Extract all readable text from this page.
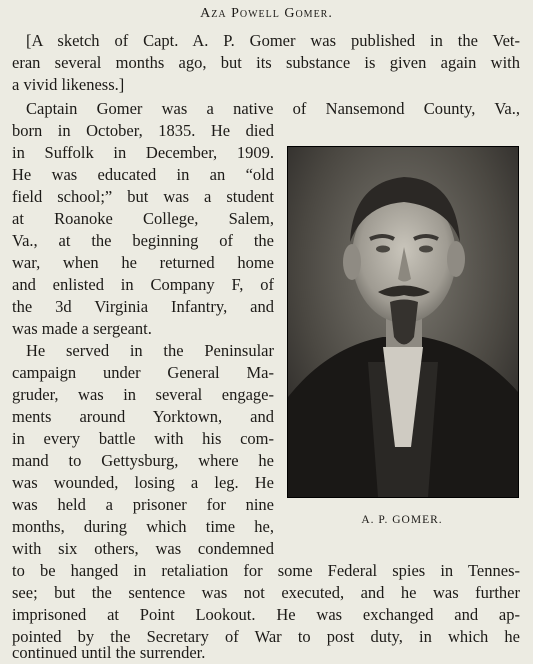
Aza Powell Gomer.
[A sketch of Capt. A. P. Gomer was published in the Vet-
eran several months ago, but its substance is given again with
a vivid likeness.]
Captain Gomer was a native of Nansemond County, Va.,
born in October, 1835. He died
in Suffolk in December, 1909.
He was educated in an “old
field school;” but was a student
at Roanoke College, Salem,
Va., at the beginning of the
war, when he returned home
and enlisted in Company F, of
the 3d Virginia Infantry, and
was made a sergeant.
He served in the Peninsular
campaign under General Ma-
gruder, was in several engage-
ments around Yorktown, and
in every battle with his com-
mand to Gettysburg, where he
was wounded, losing a leg. He
was held a prisoner for nine
months, during which time he,
with six others, was condemned
to be hanged in retaliation for some Federal spies in Tennes-
see; but the sentence was not executed, and he was further
imprisoned at Point Lookout. He was exchanged and ap-
pointed by the Secretary of War to post duty, in which he
continued until the surrender.
A. P. GOMER.
